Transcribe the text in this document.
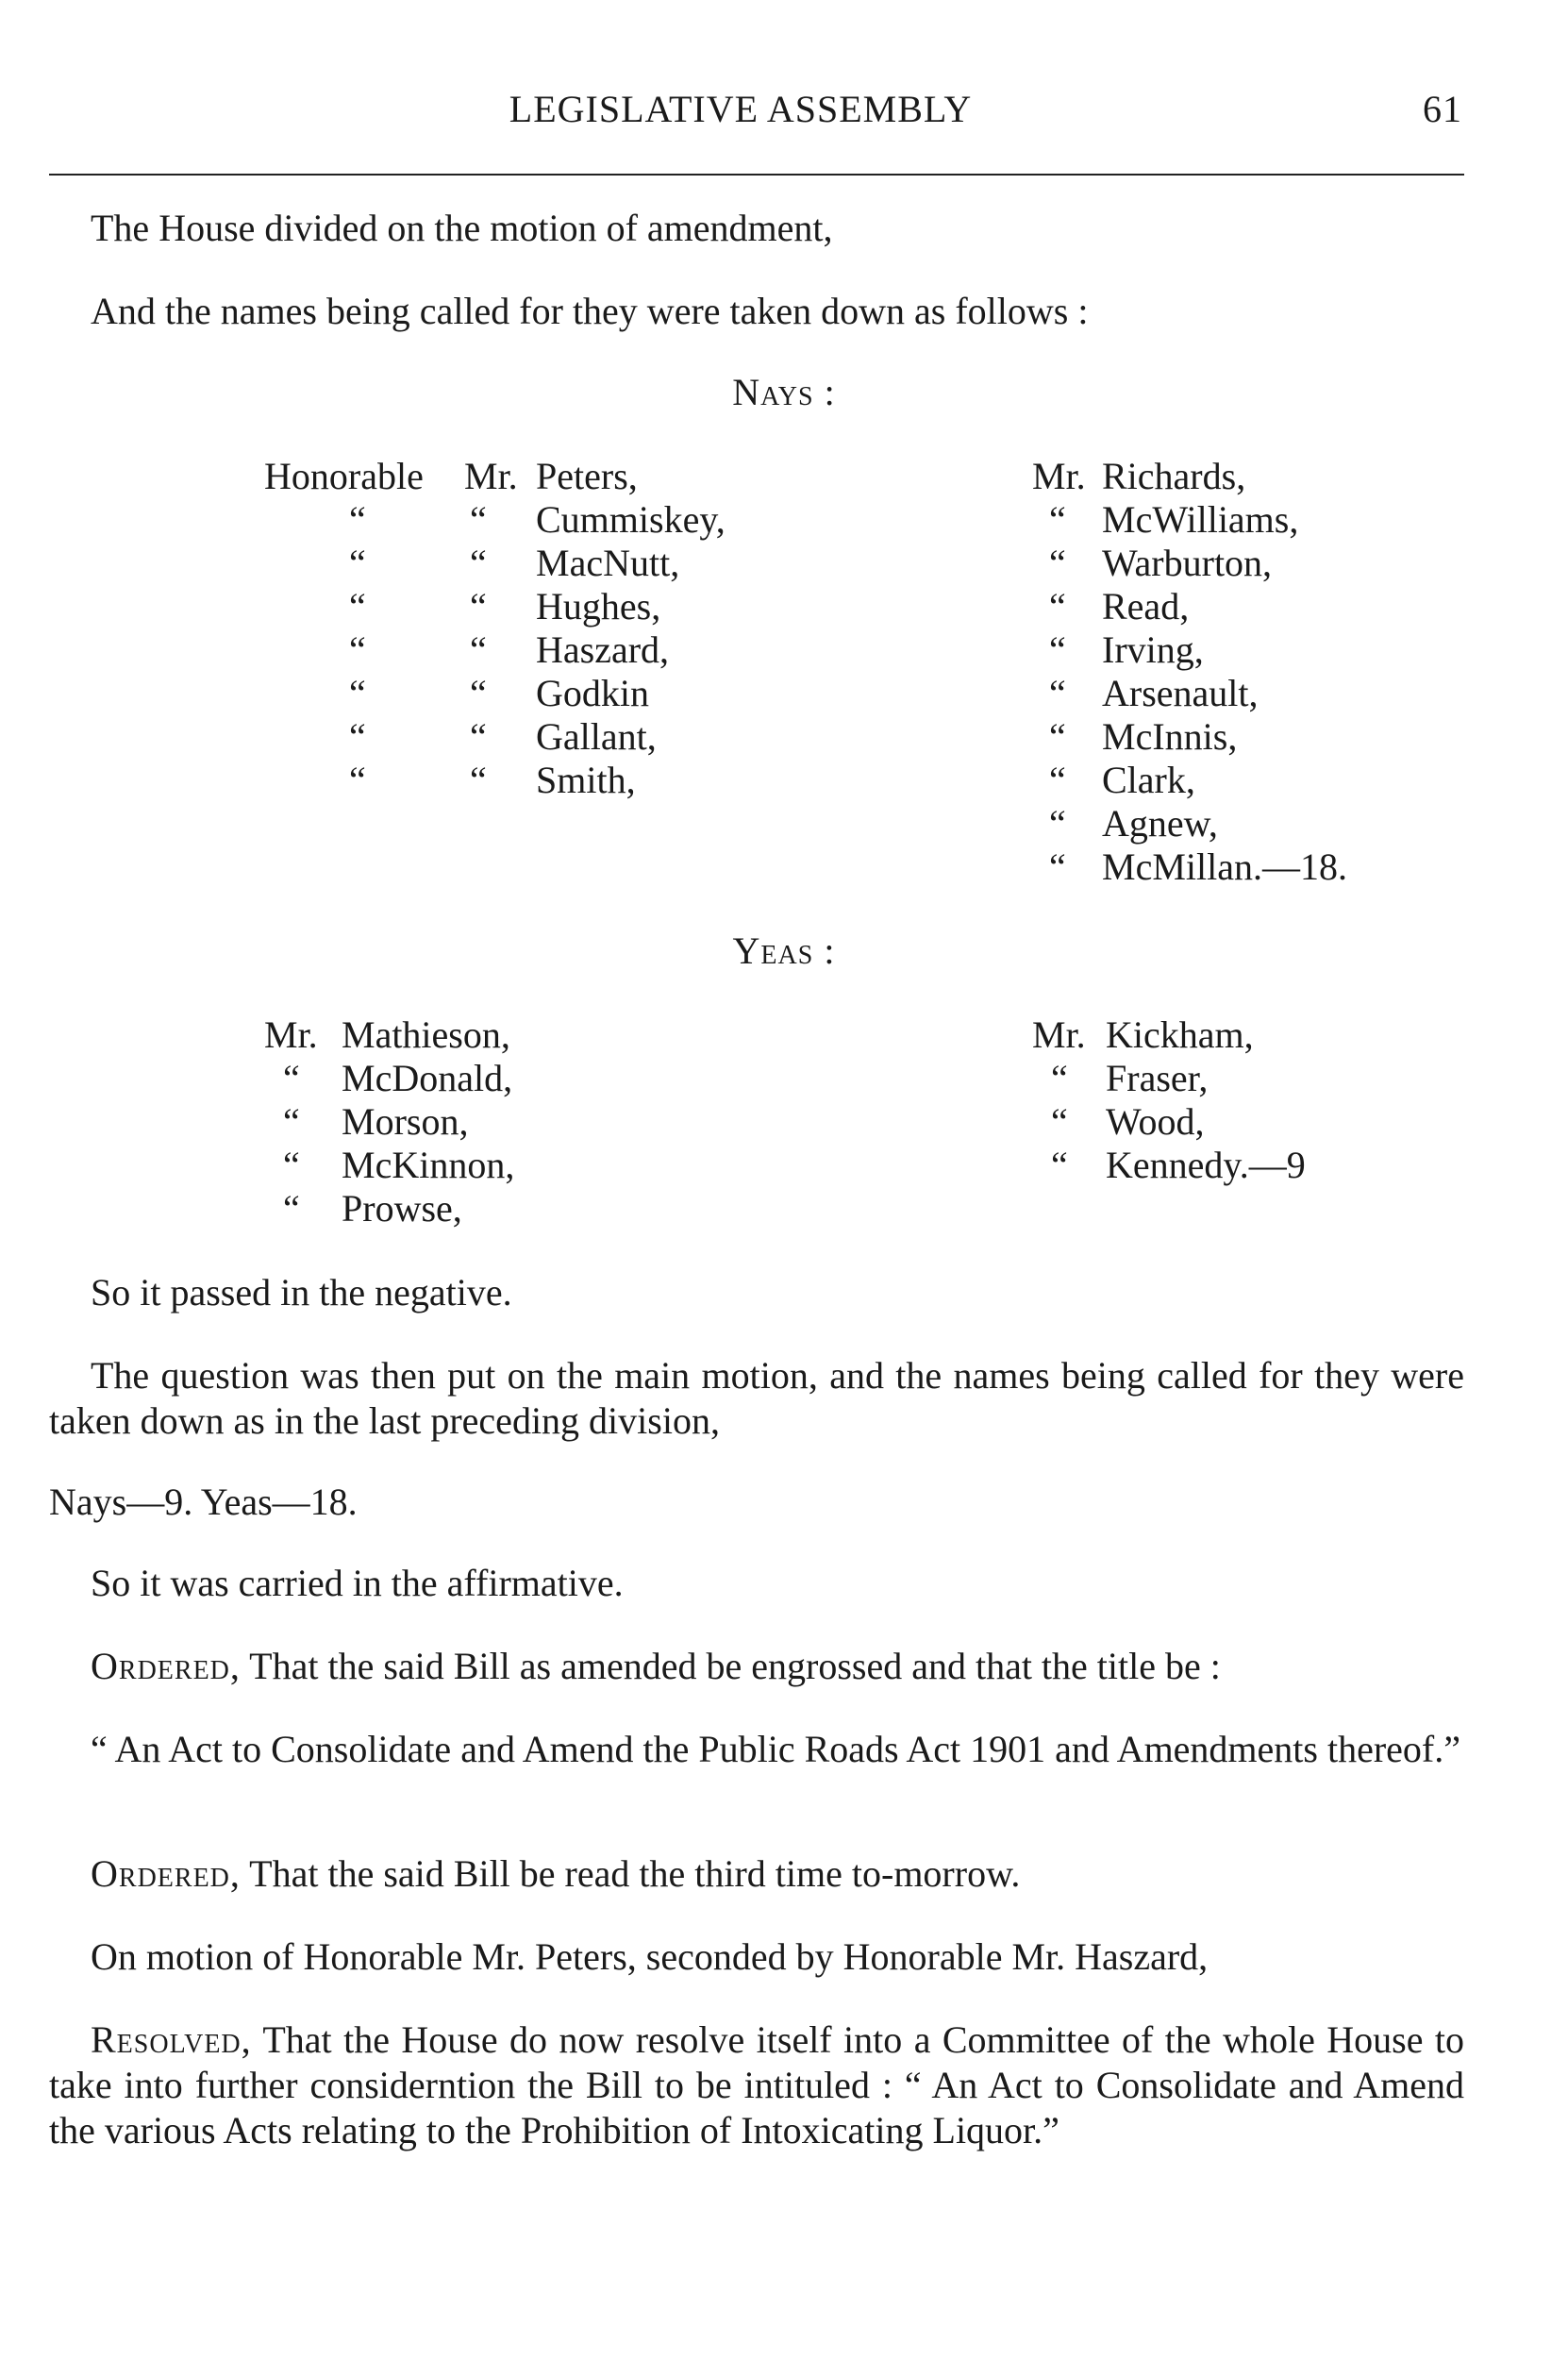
LEGISLATIVE ASSEMBLY	61
The House divided on the motion of amendment,
And the names being called for they were taken down as follows :
Nays :
Honorable Mr. Peters,
“	“ Cummiskey,
“	“ MacNutt,
“	“ Hughes,
“	“ Haszard,
“	“ Godkin
“	“ Gallant,
“	“ Smith,
Mr. Richards,
“ McWilliams,
“ Warburton,
“ Read,
“ Irving,
“ Arsenault,
“ McInnis,
“ Clark,
“ Agnew,
“ McMillan.—18.
Yeas :
Mr. Mathieson,
“ McDonald,
“ Morson,
“ McKinnon,
“ Prowse,
Mr. Kickham,
“ Fraser,
“ Wood,
“ Kennedy.—9
So it passed in the negative.
The question was then put on the main motion, and the names being called for they were taken down as in the last preceding division,
Nays—9. Yeas—18.
So it was carried in the affirmative.
Ordered, That the said Bill as amended be engrossed and that the title be :
“ An Act to Consolidate and Amend the Public Roads Act 1901 and Amendments thereof.”
Ordered, That the said Bill be read the third time to-morrow.
On motion of Honorable Mr. Peters, seconded by Honorable Mr. Haszard,
Resolved, That the House do now resolve itself into a Committee of the whole House to take into further considerntion the Bill to be intituled : “ An Act to Consolidate and Amend the various Acts relating to the Prohibition of Intoxicating Liquor.”
